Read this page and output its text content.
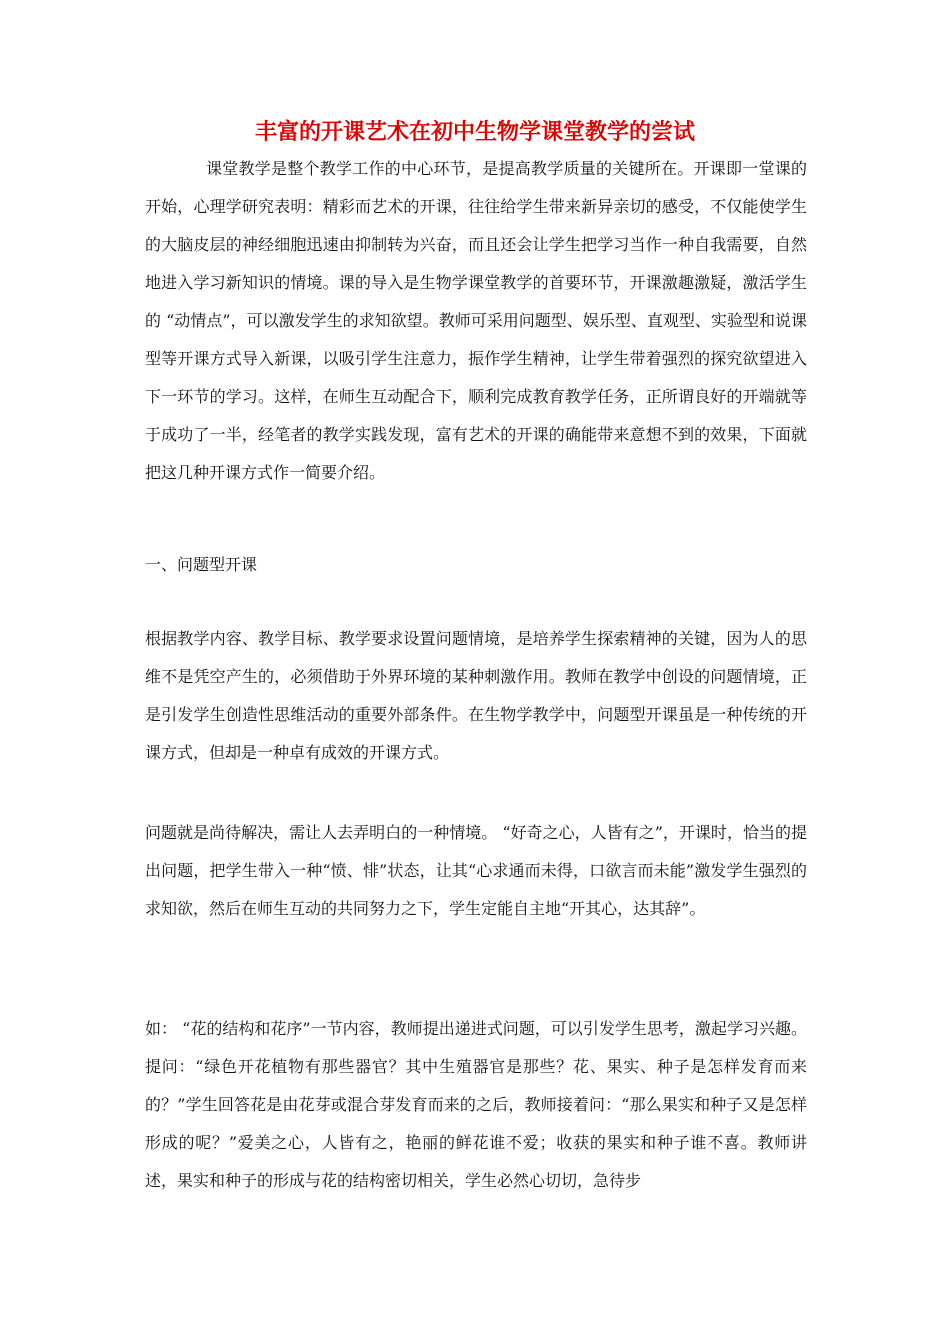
丰富的开课艺术在初中生物学课堂教学的尝试

课堂教学是整个教学工作的中心环节，是提高教学质量的关键所在。开课即一堂课的开始，心理学研究表明：精彩而艺术的开课，往往给学生带来新异亲切的感受，不仅能使学生的大脑皮层的神经细胞迅速由抑制转为兴奋，而且还会让学生把学习当作一种自我需要，自然地进入学习新知识的情境。课的导入是生物学课堂教学的首要环节，开课激趣激疑，激活学生的 “动情点”，可以激发学生的求知欲望。教师可采用问题型、娱乐型、直观型、实验型和说课型等开课方式导入新课，以吸引学生注意力，振作学生精神，让学生带着强烈的探究欲望进入下一环节的学习。这样，在师生互动配合下，顺利完成教育教学任务，正所谓良好的开端就等于成功了一半，经笔者的教学实践发现，富有艺术的开课的确能带来意想不到的效果，下面就把这几种开课方式作一简要介绍。

一、问题型开课

根据教学内容、教学目标、教学要求设置问题情境，是培养学生探索精神的关键，因为人的思维不是凭空产生的，必须借助于外界环境的某种刺激作用。教师在教学中创设的问题情境，正是引发学生创造性思维活动的重要外部条件。在生物学教学中，问题型开课虽是一种传统的开课方式，但却是一种卓有成效的开课方式。

问题就是尚待解决，需让人去弄明白的一种情境。 “好奇之心，人皆有之”，开课时，恰当的提出问题，把学生带入一种“愤、悱”状态，让其“心求通而未得，口欲言而未能”激发学生强烈的求知欲，然后在师生互动的共同努力之下，学生定能自主地“开其心，达其辞”。

如： “花的结构和花序”一节内容，教师提出递进式问题，可以引发学生思考，激起学习兴趣。提问：“绿色开花植物有那些器官？其中生殖器官是那些？花、果实、种子是怎样发育而来的？”学生回答花是由花芽或混合芽发育而来的之后，教师接着问：“那么果实和种子又是怎样形成的呢？”爱美之心，人皆有之，艳丽的鲜花谁不爱；收获的果实和种子谁不喜。教师讲述，果实和种子的形成与花的结构密切相关，学生必然心切切，急待步
